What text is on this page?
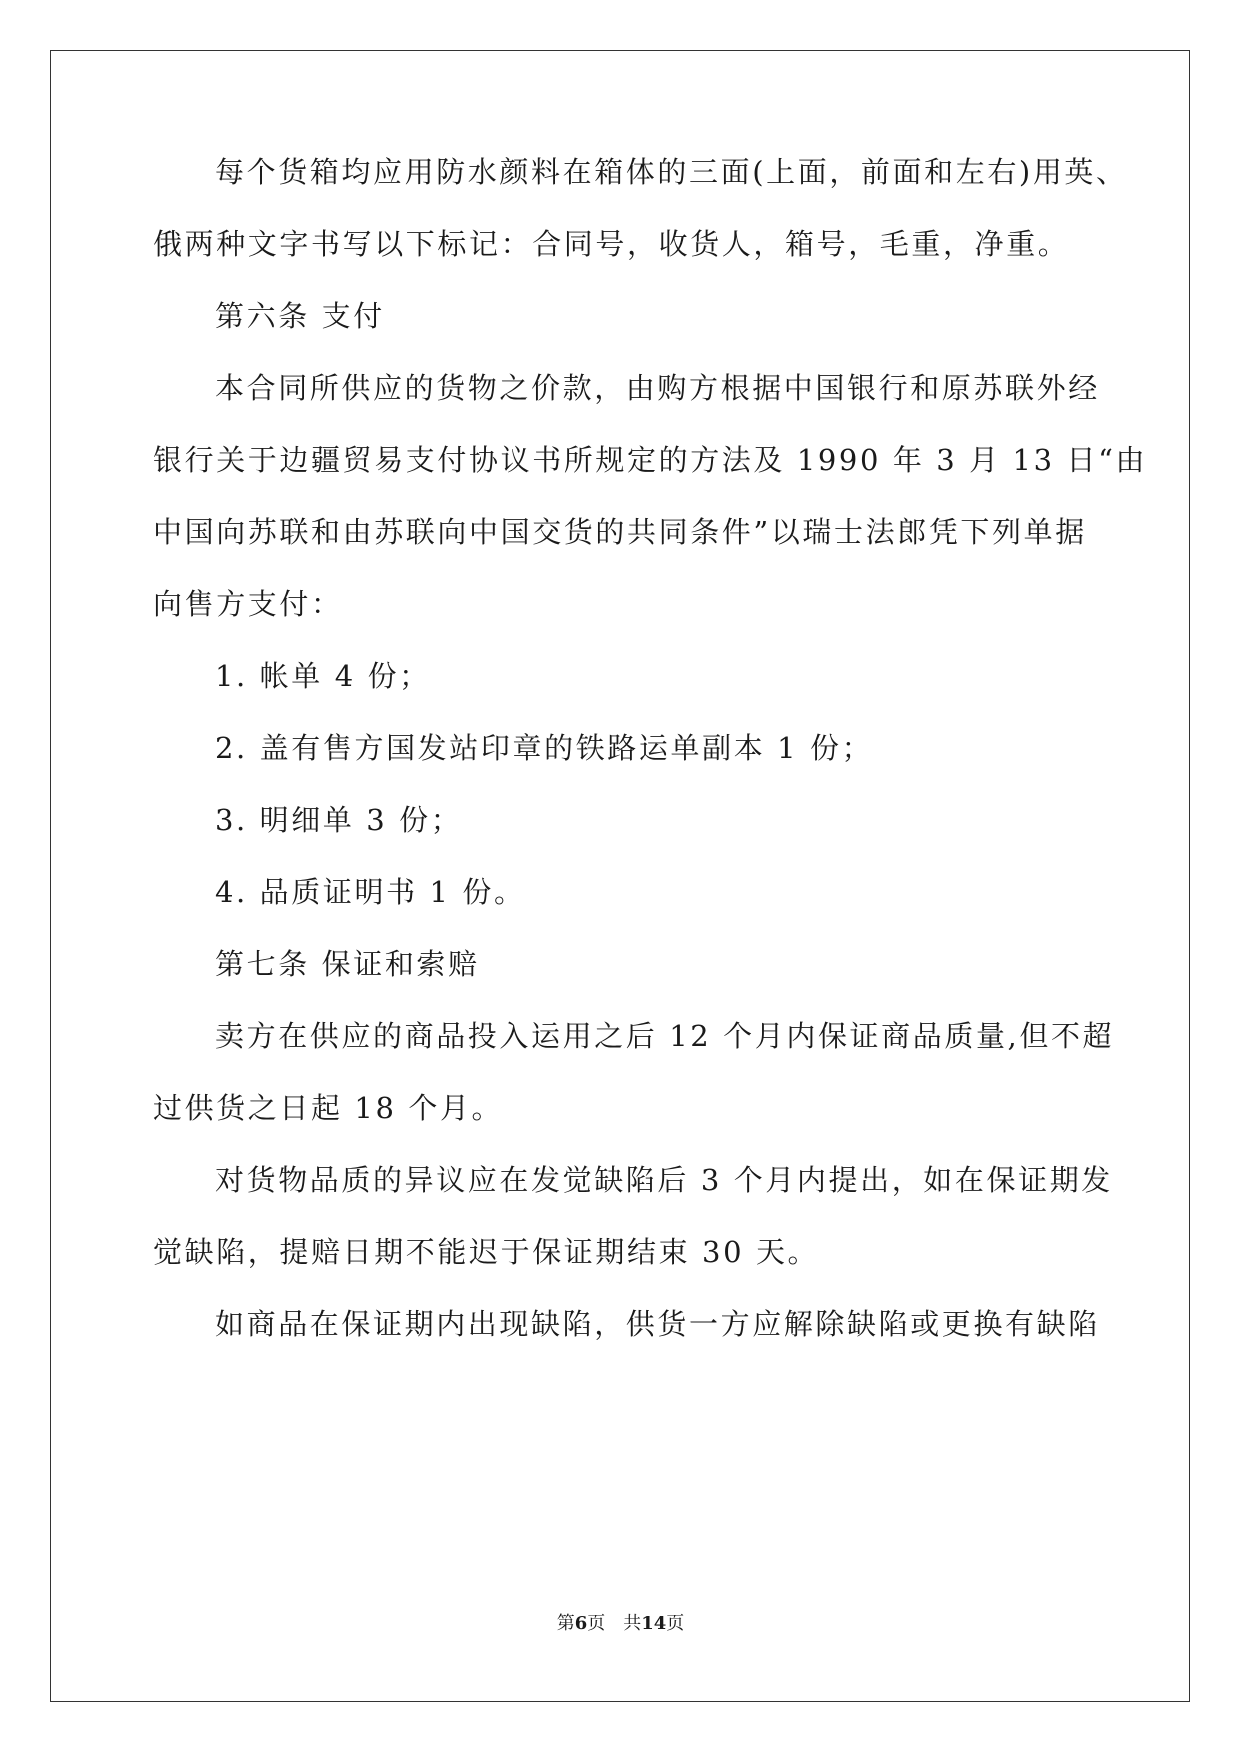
每个货箱均应用防水颜料在箱体的三面(上面，前面和左右)用英、
俄两种文字书写以下标记：合同号，收货人，箱号，毛重，净重。
第六条 支付
本合同所供应的货物之价款，由购方根据中国银行和原苏联外经
银行关于边疆贸易支付协议书所规定的方法及 1990 年 3 月 13 日“由
中国向苏联和由苏联向中国交货的共同条件”以瑞士法郎凭下列单据
向售方支付：
1. 帐单 4 份；
2. 盖有售方国发站印章的铁路运单副本 1 份；
3. 明细单 3 份；
4. 品质证明书 1 份。
第七条 保证和索赔
卖方在供应的商品投入运用之后 12 个月内保证商品质量,但不超
过供货之日起 18 个月。
对货物品质的异议应在发觉缺陷后 3 个月内提出，如在保证期发
觉缺陷，提赔日期不能迟于保证期结束 30 天。
如商品在保证期内出现缺陷，供货一方应解除缺陷或更换有缺陷
第6页 共14页
